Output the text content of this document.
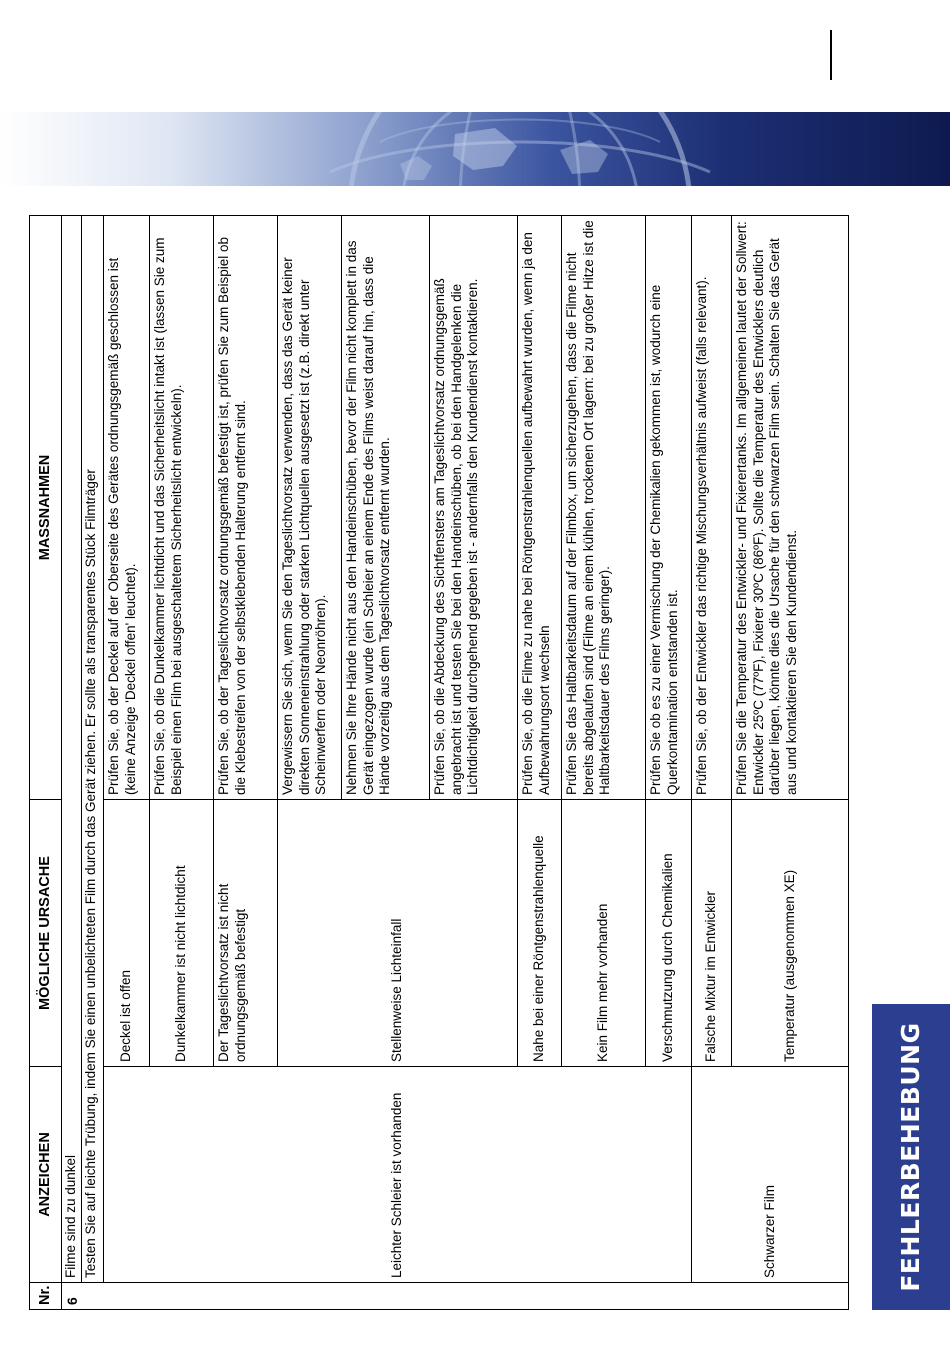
FEHLERBEHEBUNG
Nr.	ANZEICHEN	MÖGLICHE URSACHE	MASSNAHMEN
6	Filme sind zu dunkel		
	Testen Sie auf leichte Trübung, indem Sie einen unbelichteten Film durch das Gerät ziehen. Er sollte als transparentes Stück Filmträger		
	Leichter Schleier ist vorhanden	Deckel ist offen	Prüfen Sie, ob der Deckel auf der Oberseite des Gerätes ordnungsgemäß geschlossen ist (keine Anzeige 'Deckel offen' leuchtet).
		Dunkelkammer ist nicht lichtdicht	Prüfen Sie, ob die Dunkelkammer lichtdicht und das Sicherheitslicht intakt ist (lassen Sie zum Beispiel einen Film bei ausgeschaltetem Sicherheitslicht entwickeln).
		Der Tageslichtvorsatz ist nicht ordnungsgemäß befestigt	Prüfen Sie, ob der Tageslichtvorsatz ordnungsgemäß befestigt ist, prüfen Sie zum Beispiel ob die Klebestreifen von der selbstklebenden Halterung entfernt sind.
		Stellenweise Lichteinfall	Vergewissern Sie sich, wenn Sie den Tageslichtvorsatz verwenden, dass das Gerät keiner direkten Sonneneinstrahlung oder starken Lichtquellen ausgesetzt ist (z.B. direkt unter Scheinwerfern oder Neonröhren).
			Nehmen Sie Ihre Hände nicht aus den Handeinschüben, bevor der Film nicht komplett in das Gerät eingezogen wurde (ein Schleier an einem Ende des Films weist darauf hin, dass die Hände vorzeitig aus dem Tageslichtvorsatz entfernt wurden.
			Prüfen Sie, ob die Abdeckung des Sichtfensters am Tageslichtvorsatz ordnungsgemäß angebracht ist und testen Sie bei den Handeinschüben, ob bei den Handgelenken die Lichtdichtigkeit durchgehend gegeben ist - andernfalls den Kundendienst kontaktieren.
		Nahe bei einer Röntgenstrahlenquelle	Prüfen Sie, ob die Filme zu nahe bei Röntgenstrahlenquellen aufbewahrt wurden, wenn ja den Aufbewahrungsort wechseln
		Kein Film mehr vorhanden	Prüfen Sie das Haltbarkeitsdatum auf der Filmbox, um sicherzugehen, dass die Filme nicht bereits abgelaufen sind (Filme an einem kühlen, trockenen Ort lagern: bei zu großer Hitze ist die Haltbarkeitsdauer des Films geringer).
		Verschmutzung durch Chemikalien	Prüfen Sie ob es zu einer Vermischung der Chemikalien gekommen ist, wodurch eine Querkontamination entstanden ist.
	Schwarzer Film	Falsche Mixtur im Entwickler	Prüfen Sie, ob der Entwickler das richtige Mischungsverhältnis aufweist (falls relevant).
		Temperatur (ausgenommen XE)	Prüfen Sie die Temperatur des Entwickler- und Fixierertanks. Im allgemeinen lautet der Sollwert: Entwickler 25ºC (77ºF), Fixierer 30ºC (86ºF). Sollte die Temperatur des Entwicklers deutlich darüber liegen, könnte dies die Ursache für den schwarzen Film sein. Schalten Sie das Gerät aus und kontaktieren Sie den Kundendienst.
